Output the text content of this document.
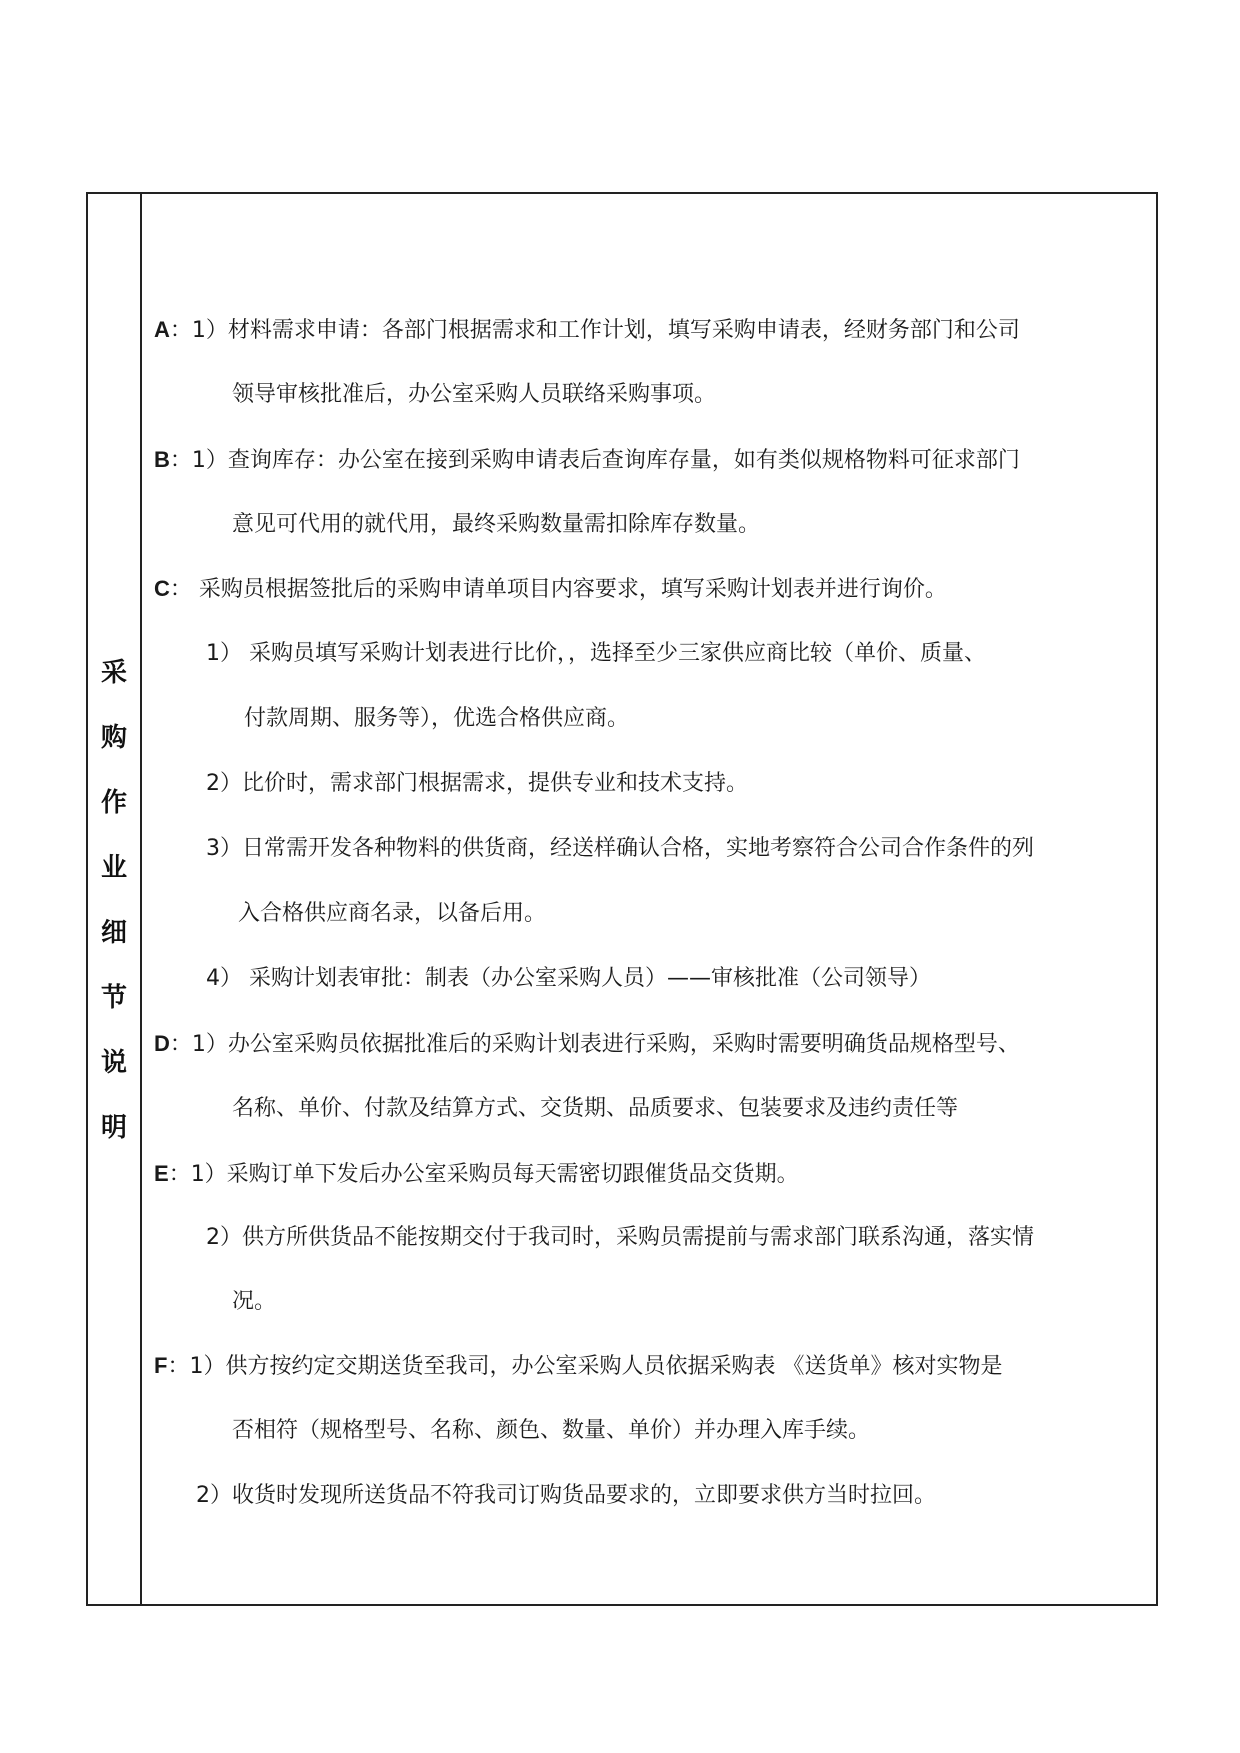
采
购
作
业
细
节
说
明
A：1）材料需求申请：各部门根据需求和工作计划，填写采购申请表，经财务部门和公司
领导审核批准后，办公室采购人员联络采购事项。
B：1）查询库存：办公室在接到采购申请表后查询库存量，如有类似规格物料可征求部门
意见可代用的就代用，最终采购数量需扣除库存数量。
C： 采购员根据签批后的采购申请单项目内容要求，填写采购计划表并进行询价。
1） 采购员填写采购计划表进行比价，，选择至少三家供应商比较（单价、质量、
付款周期、服务等），优选合格供应商。
2）比价时，需求部门根据需求，提供专业和技术支持。
3）日常需开发各种物料的供货商，经送样确认合格，实地考察符合公司合作条件的列
入合格供应商名录，以备后用。
4） 采购计划表审批：制表（办公室采购人员）——审核批准（公司领导）
D：1）办公室采购员依据批准后的采购计划表进行采购，采购时需要明确货品规格型号、
名称、单价、付款及结算方式、交货期、品质要求、包装要求及违约责任等
E：1）采购订单下发后办公室采购员每天需密切跟催货品交货期。
2）供方所供货品不能按期交付于我司时，采购员需提前与需求部门联系沟通，落实情
况。
F：1）供方按约定交期送货至我司，办公室采购人员依据采购表 《送货单》核对实物是
否相符（规格型号、名称、颜色、数量、单价）并办理入库手续。
2）收货时发现所送货品不符我司订购货品要求的，立即要求供方当时拉回。
